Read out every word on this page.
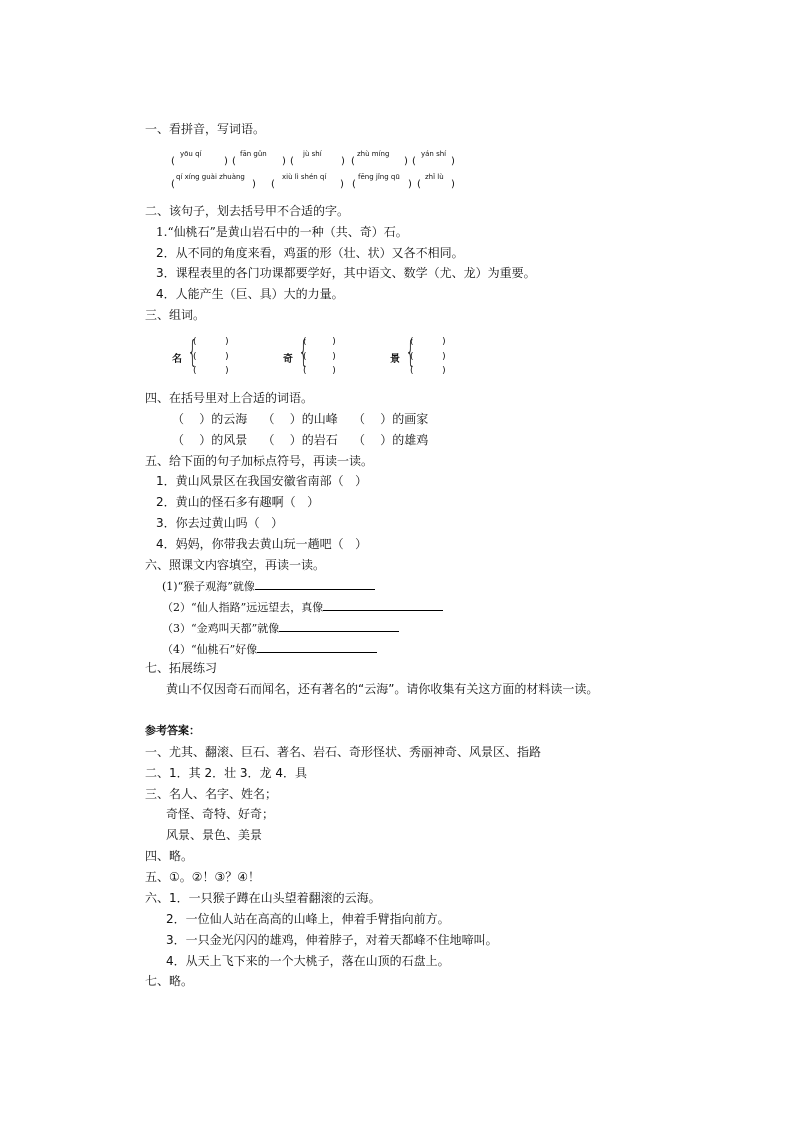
一、看拼音，写词语。
yōu qí	fān gǔn	jù shí	zhù míng	yán shí
(	) (	) (	) (	) (	)
qí xíng guài zhuàng	xiù lì shén qí	fēng jǐng qū	zhǐ lù
(	) (	) (	) (	)
二、该句子，划去括号甲不合适的字。
1.“仙桃石”是黄山岩石中的一种（共、奇）石。
2．从不同的角度来看，鸡蛋的形（壮、状）又各不相同。
3．课程表里的各门功课都要学好，其中语文、数学（尤、龙）为重要。
4．人能产生（巨、具）大的力量。
三、组词。
名 {
(          )
(          )
(          )
奇 {
(         )
(         )
(         )
景 {
(          )
(          )
(          )
四、在括号里对上合适的词语。
（    ）的云海    （    ）的山峰    （    ）的画家
（    ）的风景    （    ）的岩石    （    ）的雄鸡
五、给下面的句子加标点符号，再读一读。
1．黄山风景区在我国安徽省南部（   ）
2．黄山的怪石多有趣啊（   ）
3．你去过黄山吗（   ）
4．妈妈，你带我去黄山玩一趟吧（   ）
六、照课文内容填空，再读一读。
(1)“猴子观海”就像
（2）“仙人指路”远远望去，真像
（3）“金鸡叫天都”就像
（4）“仙桃石”好像
七、拓展练习
黄山不仅因奇石而闻名，还有著名的“云海”。请你收集有关这方面的材料读一读。
参考答案：
一、尤其、翻滚、巨石、著名、岩石、奇形怪状、秀丽神奇、风景区、指路
二、1．其 2．壮 3．龙 4．具
三、名人、名字、姓名；
奇怪、奇特、好奇；
风景、景色、美景
四、略。
五、①。②！③？④！
六、1．一只猴子蹲在山头望着翻滚的云海。
2．一位仙人站在高高的山峰上，伸着手臂指向前方。
3．一只金光闪闪的雄鸡，伸着脖子，对着天都峰不住地啼叫。
4．从天上飞下来的一个大桃子，落在山顶的石盘上。
七、略。
